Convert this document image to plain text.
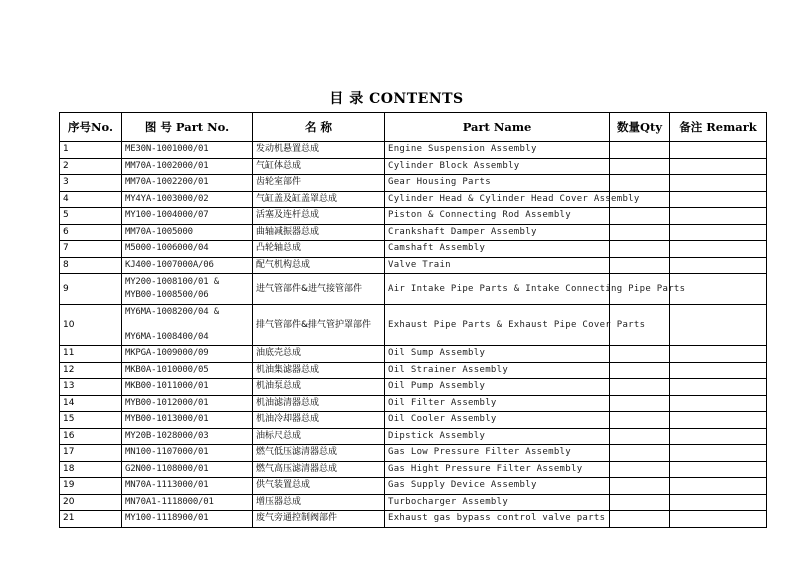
目 录 CONTENTS
序号No.	图 号 Part No.	名 称	Part Name	数量Qty	备注 Remark
1	ME30N-1001000/01	发动机悬置总成	Engine Suspension Assembly		
2	MM70A-1002000/01	气缸体总成	Cylinder Block Assembly		
3	MM70A-1002200/01	齿轮室部件	Gear Housing Parts		
4	MY4YA-1003000/02	气缸盖及缸盖罩总成	Cylinder Head & Cylinder Head Cover Assembly		
5	MY100-1004000/07	活塞及连杆总成	Piston & Connecting Rod Assembly		
6	MM70A-1005000	曲轴减振器总成	Crankshaft Damper Assembly		
7	M5000-1006000/04	凸轮轴总成	Camshaft Assembly		
8	KJ400-1007000A/06	配气机构总成	Valve Train		
9	MY200-1008100/01 &
MYB00-1008500/06	进气管部件&进气接管部件	Air Intake Pipe Parts & Intake Connecting Pipe Parts		
10	MY6MA-1008200/04 &
MY6MA-1008400/04	排气管部件&排气管护罩部件	Exhaust Pipe Parts & Exhaust Pipe Cover Parts		
11	MKPGA-1009000/09	油底壳总成	Oil Sump Assembly		
12	MKB0A-1010000/05	机油集滤器总成	Oil Strainer Assembly		
13	MKB00-1011000/01	机油泵总成	Oil Pump Assembly		
14	MYB00-1012000/01	机油滤清器总成	Oil Filter Assembly		
15	MYB00-1013000/01	机油冷却器总成	Oil Cooler Assembly		
16	MY20B-1028000/03	油标尺总成	Dipstick Assembly		
17	MN100-1107000/01	燃气低压滤清器总成	Gas Low Pressure Filter Assembly		
18	G2N00-1108000/01	燃气高压滤清器总成	Gas Hight Pressure Filter Assembly		
19	MN70A-1113000/01	供气装置总成	Gas Supply Device Assembly		
20	MN70A1-1118000/01	增压器总成	Turbocharger Assembly		
21	MY100-1118900/01	废气旁通控制阀部件	Exhaust gas bypass control valve parts		
